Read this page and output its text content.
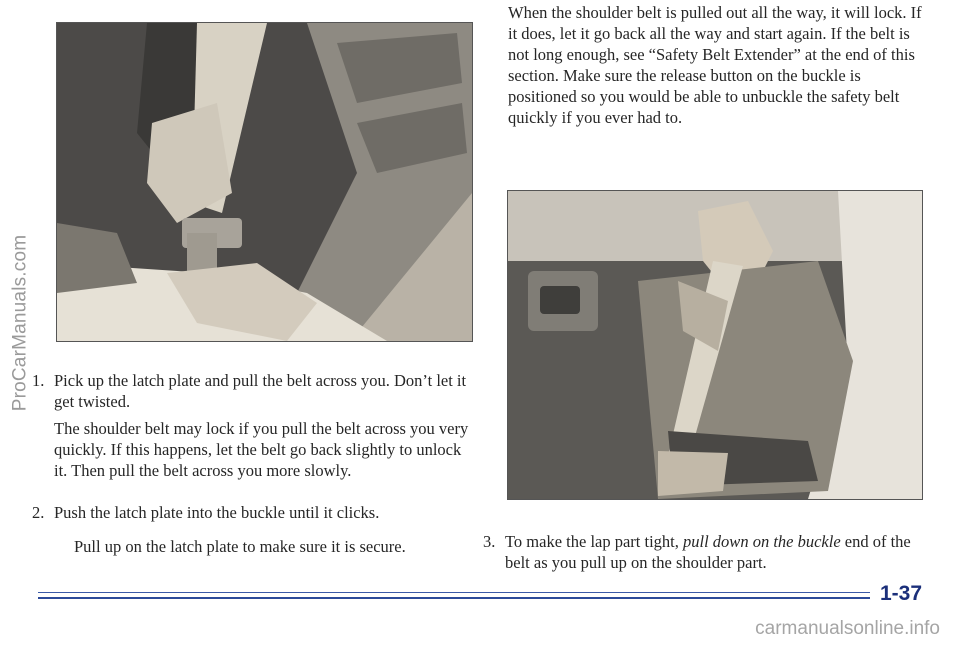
ProCarManuals.com

When the shoulder belt is pulled out all the way, it will lock. If it does, let it go back all the way and start again. If the belt is not long enough, see “Safety Belt Extender” at the end of this section. Make sure the release button on the buckle is positioned so you would be able to unbuckle the safety belt quickly if you ever had to.

1. Pick up the latch plate and pull the belt across you. Don’t let it get twisted.

The shoulder belt may lock if you pull the belt across you very quickly. If this happens, let the belt go back slightly to unlock it. Then pull the belt across you more slowly.

2. Push the latch plate into the buckle until it clicks.

Pull up on the latch plate to make sure it is secure.	3. To make the lap part tight, pull down on the buckle end of the belt as you pull up on the shoulder part.
1-37
carmanualsonline.info
